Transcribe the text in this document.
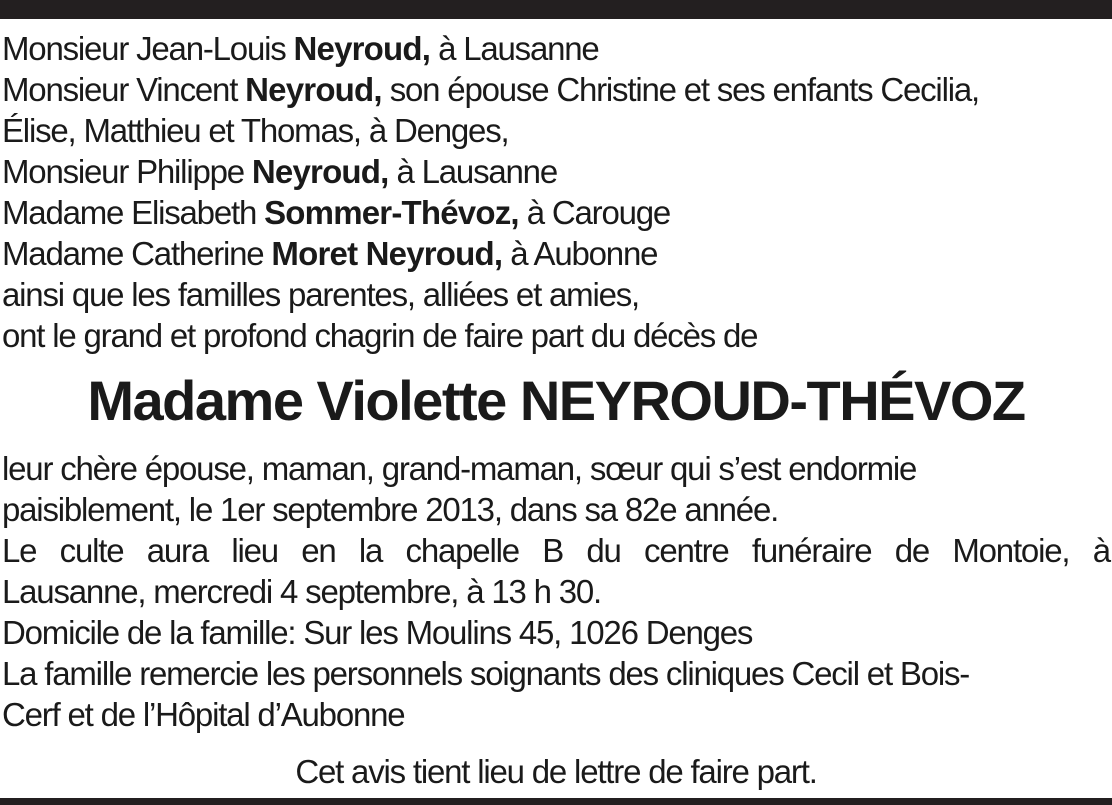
Monsieur Jean-Louis Neyroud, à Lausanne
Monsieur Vincent Neyroud, son épouse Christine et ses enfants Cecilia,
Élise, Matthieu et Thomas, à Denges,
Monsieur Philippe Neyroud, à Lausanne
Madame Elisabeth Sommer-Thévoz, à Carouge
Madame Catherine Moret Neyroud, à Aubonne
ainsi que les familles parentes, alliées et amies,
ont le grand et profond chagrin de faire part du décès de
Madame Violette NEYROUD-THÉVOZ
leur chère épouse, maman, grand-maman, sœur qui s’est endormie
paisiblement, le 1er septembre 2013, dans sa 82e année.
Le culte aura lieu en la chapelle B du centre funéraire de Montoie, à
Lausanne, mercredi 4 septembre, à 13 h 30.
Domicile de la famille: Sur les Moulins 45, 1026 Denges
La famille remercie les personnels soignants des cliniques Cecil et Bois-
Cerf et de l’Hôpital d’Aubonne
Cet avis tient lieu de lettre de faire part.
